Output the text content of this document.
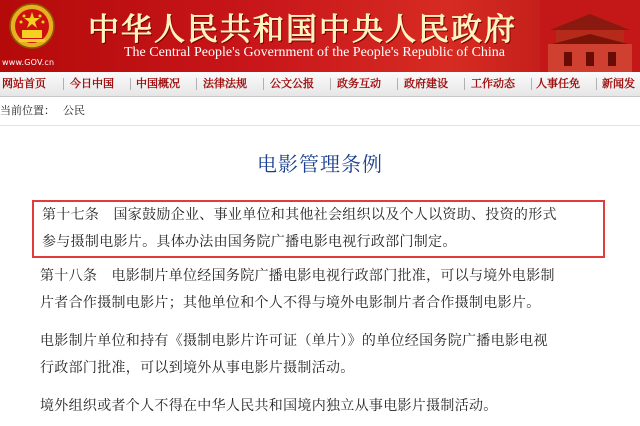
www.GOV.cn
中华人民共和国中央人民政府
The Central People's Government of the People's Republic of China
网站首页 今日中国 中国概况 法律法规 公文公报 政务互动 政府建设 工作动态 人事任免 新闻发
当前位置： 公民
电影管理条例
第十七条　国家鼓励企业、事业单位和其他社会组织以及个人以资助、投资的形式
参与摄制电影片。具体办法由国务院广播电影电视行政部门制定。
第十八条　电影制片单位经国务院广播电影电视行政部门批准，可以与境外电影制
片者合作摄制电影片；其他单位和个人不得与境外电影制片者合作摄制电影片。
电影制片单位和持有《摄制电影片许可证（单片）》的单位经国务院广播电影电视
行政部门批准，可以到境外从事电影片摄制活动。
境外组织或者个人不得在中华人民共和国境内独立从事电影片摄制活动。
